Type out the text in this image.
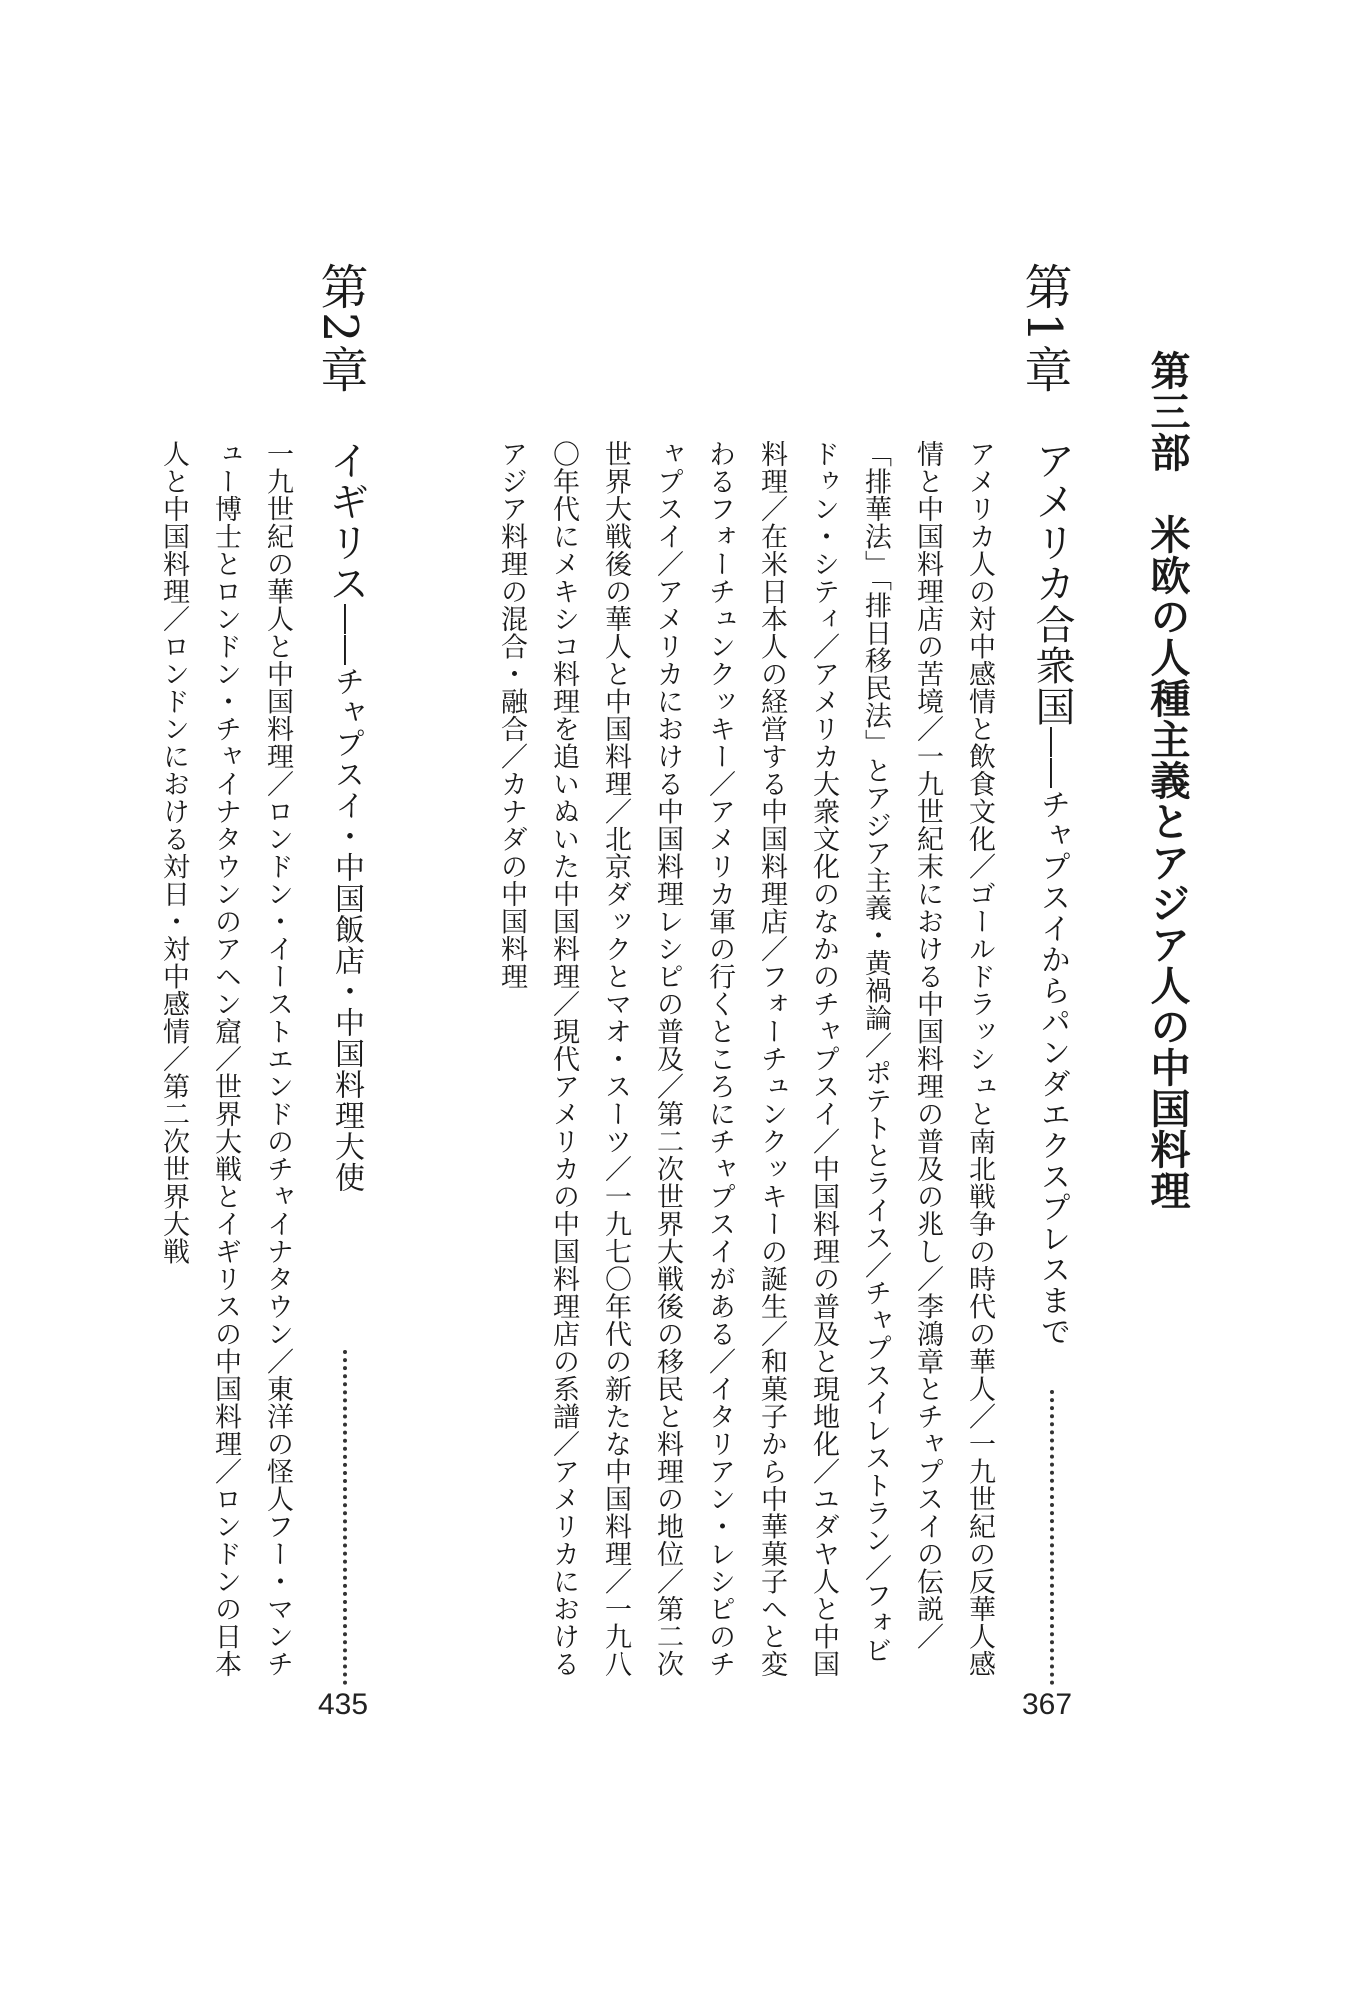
第三部　米欧の人種主義とアジア人の中国料理
第1章
アメリカ合衆国――チャプスイからパンダエクスプレスまで
367
アメリカ人の対中感情と飲食文化／ゴールドラッシュと南北戦争の時代の華人／一九世紀の反華人感情と中国料理店の苦境／一九世紀末における中国料理の普及の兆し／李鴻章とチャプスイの伝説／「排華法」「排日移民法」とアジア主義・黄禍論／ポテトとライス／チャプスイレストラン／フォビドゥン・シティ／アメリカ大衆文化のなかのチャプスイ／中国料理の普及と現地化／ユダヤ人と中国料理／在米日本人の経営する中国料理店／フォーチュンクッキーの誕生／和菓子から中華菓子へと変わるフォーチュンクッキー／アメリカ軍の行くところにチャプスイがある／イタリアン・レシピのチャプスイ／アメリカにおける中国料理レシピの普及／第二次世界大戦後の移民と料理の地位／第二次世界大戦後の華人と中国料理／北京ダックとマオ・スーツ／一九七〇年代の新たな中国料理／一九八〇年代にメキシコ料理を追いぬいた中国料理／現代アメリカの中国料理店の系譜／アメリカにおけるアジア料理の混合・融合／カナダの中国料理
第2章
イギリス――チャプスイ・中国飯店・中国料理大使
435
一九世紀の華人と中国料理／ロンドン・イーストエンドのチャイナタウン／東洋の怪人フー・マンチュー博士とロンドン・チャイナタウンのアヘン窟／世界大戦とイギリスの中国料理／ロンドンの日本人と中国料理／ロンドンにおける対日・対中感情／第二次世界大戦
